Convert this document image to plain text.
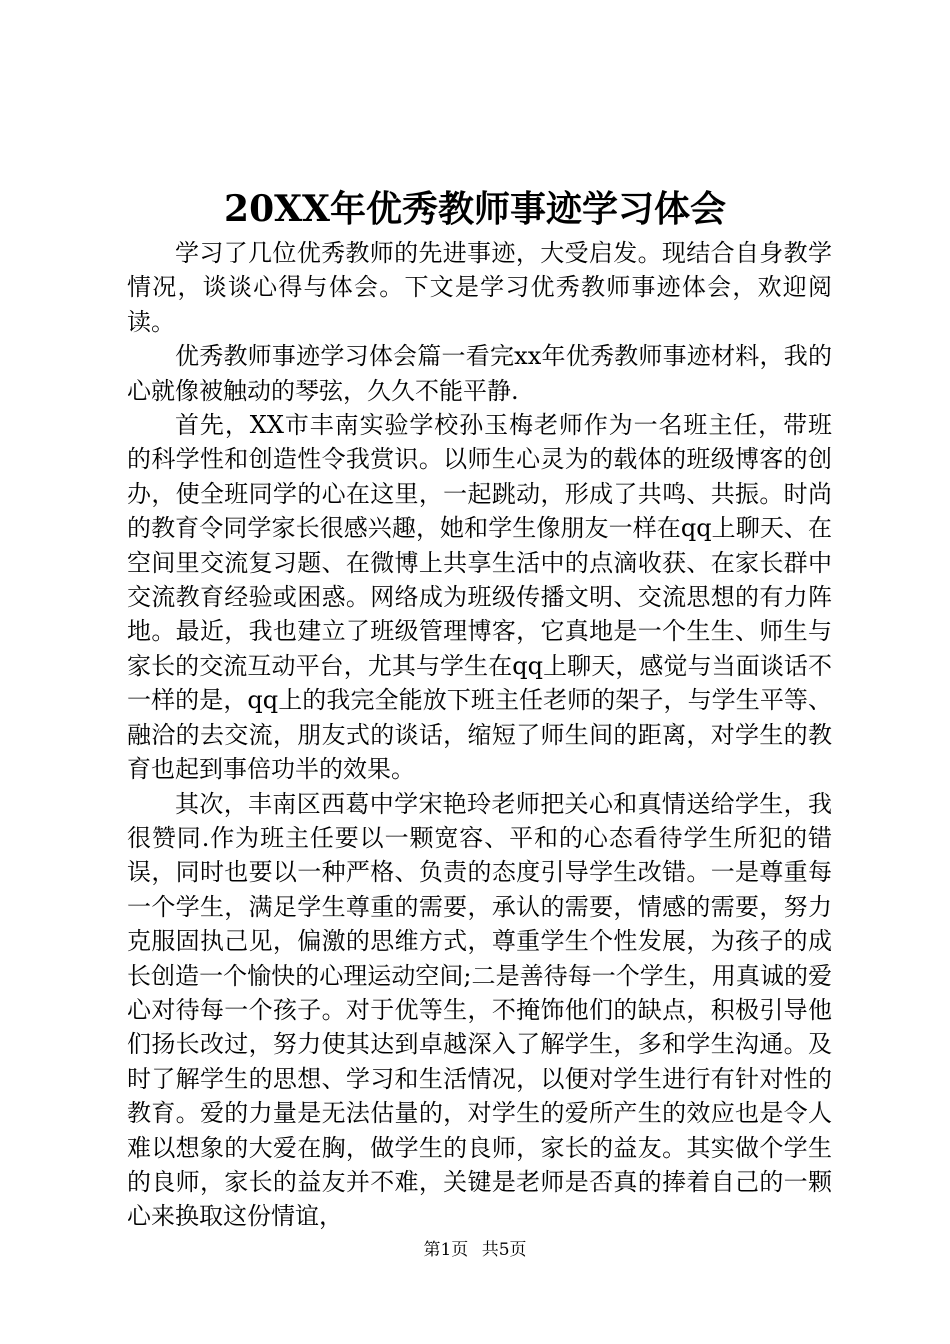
20XX年优秀教师事迹学习体会

学习了几位优秀教师的先进事迹，大受启发。现结合自身教学情况，谈谈心得与体会。下文是学习优秀教师事迹体会，欢迎阅读。

优秀教师事迹学习体会篇一看完xx年优秀教师事迹材料，我的心就像被触动的琴弦，久久不能平静.

首先，XX市丰南实验学校孙玉梅老师作为一名班主任，带班的科学性和创造性令我赏识。以师生心灵为的载体的班级博客的创办，使全班同学的心在这里，一起跳动，形成了共鸣、共振。时尚的教育令同学家长很感兴趣，她和学生像朋友一样在qq上聊天、在空间里交流复习题、在微博上共享生活中的点滴收获、在家长群中交流教育经验或困惑。网络成为班级传播文明、交流思想的有力阵地。最近，我也建立了班级管理博客，它真地是一个生生、师生与家长的交流互动平台，尤其与学生在qq上聊天，感觉与当面谈话不一样的是，qq上的我完全能放下班主任老师的架子，与学生平等、融洽的去交流，朋友式的谈话，缩短了师生间的距离，对学生的教育也起到事倍功半的效果。

其次，丰南区西葛中学宋艳玲老师把关心和真情送给学生，我很赞同.作为班主任要以一颗宽容、平和的心态看待学生所犯的错误，同时也要以一种严格、负责的态度引导学生改错。一是尊重每一个学生，满足学生尊重的需要，承认的需要，情感的需要，努力克服固执己见，偏激的思维方式，尊重学生个性发展，为孩子的成长创造一个愉快的心理运动空间;二是善待每一个学生，用真诚的爱心对待每一个孩子。对于优等生，不掩饰他们的缺点，积极引导他们扬长改过，努力使其达到卓越深入了解学生，多和学生沟通。及时了解学生的思想、学习和生活情况，以便对学生进行有针对性的教育。爱的力量是无法估量的，对学生的爱所产生的效应也是令人难以想象的大爱在胸，做学生的良师，家长的益友。其实做个学生的良师，家长的益友并不难，关键是老师是否真的捧着自己的一颗心来换取这份情谊，

第1页 共5页
